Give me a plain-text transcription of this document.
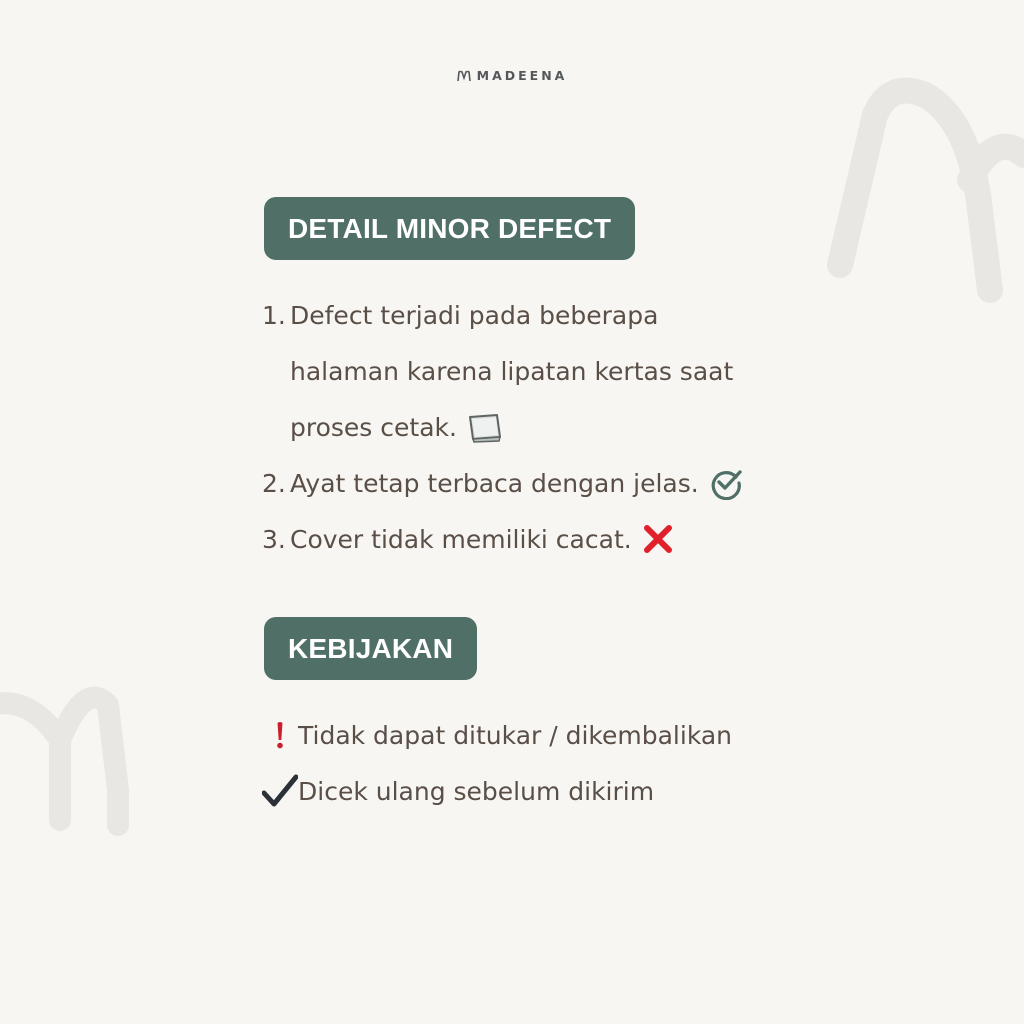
MADEENA
DETAIL MINOR DEFECT
1. Defect terjadi pada beberapa
halaman karena lipatan kertas saat
proses cetak.
2. Ayat tetap terbaca dengan jelas.
3. Cover tidak memiliki cacat.
KEBIJAKAN
Tidak dapat ditukar / dikembalikan
Dicek ulang sebelum dikirim
